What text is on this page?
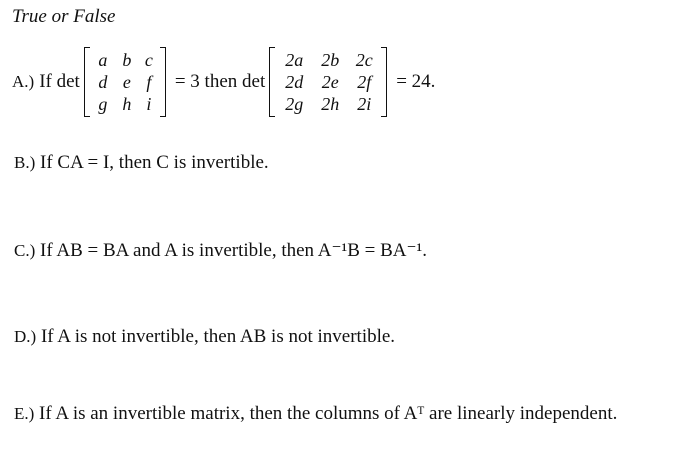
True or False
A.) If det
a b c
d e f
g h i
= 3 then det
2a	2b 2c
2d	2e	2f
2g	2h 2i
= 24.
B.) If CA = I, then C is invertible.
C.) If AB = BA and A is invertible, then A⁻¹B = BA⁻¹.
D.) If A is not invertible, then AB is not invertible.
E.) If A is an invertible matrix, then the columns of Aᵀ are linearly independent.
